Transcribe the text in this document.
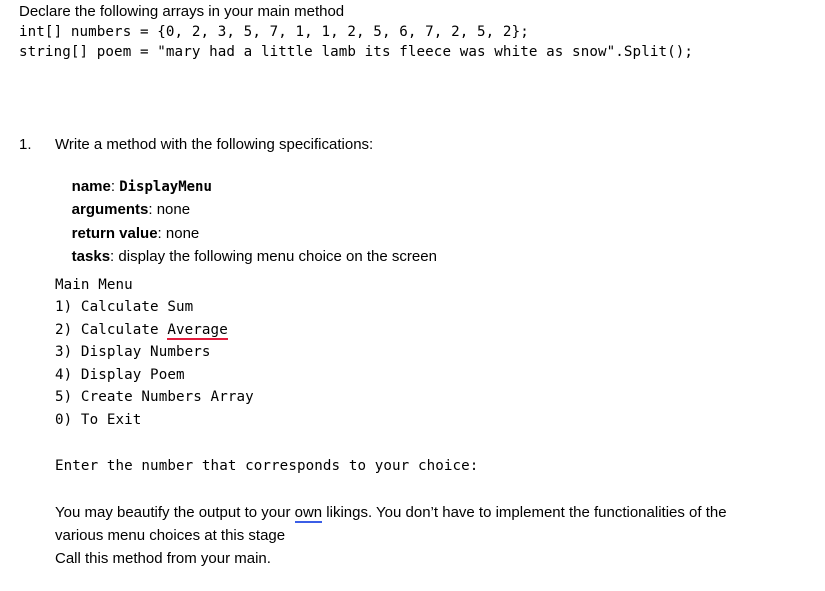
Declare the following arrays in your main method
int[] numbers = {0, 2, 3, 5, 7, 1, 1, 2, 5, 6, 7, 2, 5, 2};
string[] poem = "mary had a little lamb its fleece was white as snow".Split();
1. Write a method with the following specifications:

name: DisplayMenu

arguments: none

return value: none

tasks: display the following menu choice on the screen

Main Menu
1) Calculate Sum
2) Calculate Average
3) Display Numbers
4) Display Poem
5) Create Numbers Array
0) To Exit
Enter the number that corresponds to your choice:
You may beautify the output to your own likings. You don’t have to implement the functionalities of the
various menu choices at this stage
Call this method from your main.
